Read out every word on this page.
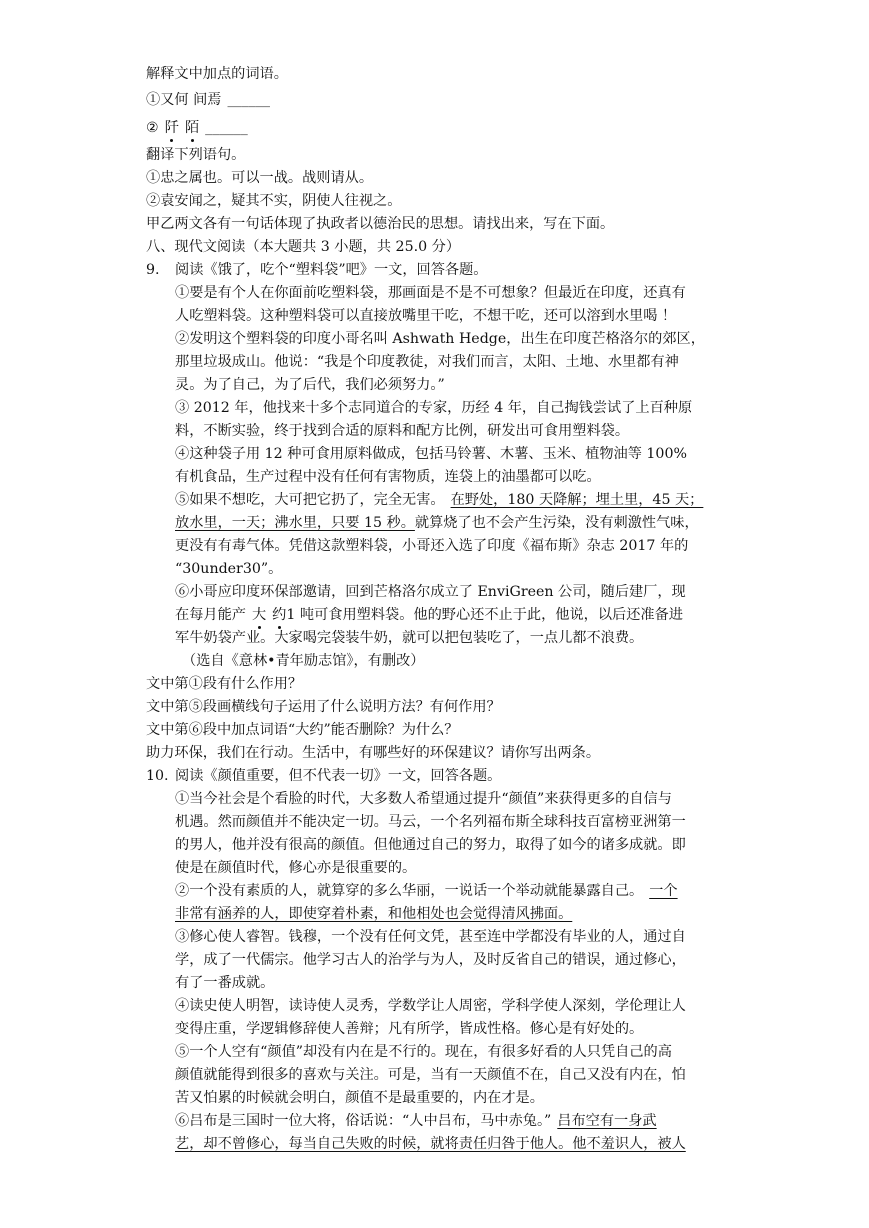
解释文中加点的词语。
①又何 间焉 ______
② 阡 陌 ______
翻译下列语句。
①忠之属也。可以一战。战则请从。
②袁安闻之，疑其不实，阴使人往视之。
甲乙两文各有一句话体现了执政者以德治民的思想。请找出来，写在下面。
八、现代文阅读（本大题共 3 小题，共 25.0 分）
9. 阅读《饿了，吃个“塑料袋”吧》一文，回答各题。
①要是有个人在你面前吃塑料袋，那画面是不是不可想象？但最近在印度，还真有
人吃塑料袋。这种塑料袋可以直接放嘴里干吃，不想干吃，还可以溶到水里喝 ！
②发明这个塑料袋的印度小哥名叫 Ashwath Hedge，出生在印度芒格洛尔的郊区，
那里垃圾成山。他说：“我是个印度教徒，对我们而言，太阳、土地、水里都有神
灵。为了自己，为了后代，我们必须努力。”
③ 2012 年，他找来十多个志同道合的专家，历经 4 年，自己掏钱尝试了上百种原
料，不断实验，终于找到合适的原料和配方比例，研发出可食用塑料袋。
④这种袋子用 12 种可食用原料做成，包括马铃薯、木薯、玉米、植物油等 100%
有机食品，生产过程中没有任何有害物质，连袋上的油墨都可以吃。
⑤如果不想吃，大可把它扔了，完全无害。 在野处，180 天降解；埋土里，45 天；
放水里，一天；沸水里，只要 15 秒。就算烧了也不会产生污染，没有刺激性气味，
更没有有毒气体。凭借这款塑料袋，小哥还入选了印度《福布斯》杂志 2017 年的
“30under30”。
⑥小哥应印度环保部邀请，回到芒格洛尔成立了 EnviGreen 公司，随后建厂，现
在每月能产 大 约1 吨可食用塑料袋。他的野心还不止于此，他说，以后还准备进
军牛奶袋产业。大家喝完袋装牛奶，就可以把包装吃了，一点儿都不浪费。
（选自《意林•青年励志馆》，有删改）
文中第①段有什么作用？
文中第⑤段画横线句子运用了什么说明方法？有何作用？
文中第⑥段中加点词语“大约”能否删除？为什么？
助力环保，我们在行动。生活中，有哪些好的环保建议？请你写出两条。
10. 阅读《颜值重要，但不代表一切》一文，回答各题。
①当今社会是个看脸的时代，大多数人希望通过提升“颜值”来获得更多的自信与
机遇。然而颜值并不能决定一切。马云，一个名列福布斯全球科技百富榜亚洲第一
的男人，他并没有很高的颜值。但他通过自己的努力，取得了如今的诸多成就。即
使是在颜值时代，修心亦是很重要的。
②一个没有素质的人，就算穿的多么华丽，一说话一个举动就能暴露自己。 一个
非常有涵养的人，即使穿着朴素，和他相处也会觉得清风拂面。
③修心使人睿智。钱穆，一个没有任何文凭，甚至连中学都没有毕业的人，通过自
学，成了一代儒宗。他学习古人的治学与为人，及时反省自己的错误，通过修心，
有了一番成就。
④读史使人明智，读诗使人灵秀，学数学让人周密，学科学使人深刻，学伦理让人
变得庄重，学逻辑修辞使人善辩；凡有所学，皆成性格。修心是有好处的。
⑤一个人空有“颜值”却没有内在是不行的。现在，有很多好看的人只凭自己的高
颜值就能得到很多的喜欢与关注。可是，当有一天颜值不在，自己又没有内在，怕
苦又怕累的时候就会明白，颜值不是最重要的，内在才是。
⑥吕布是三国时一位大将，俗话说：“人中吕布，马中赤兔。” 吕布空有一身武
艺，却不曾修心，每当自己失败的时候，就将责任归咎于他人。他不羞识人，被人
